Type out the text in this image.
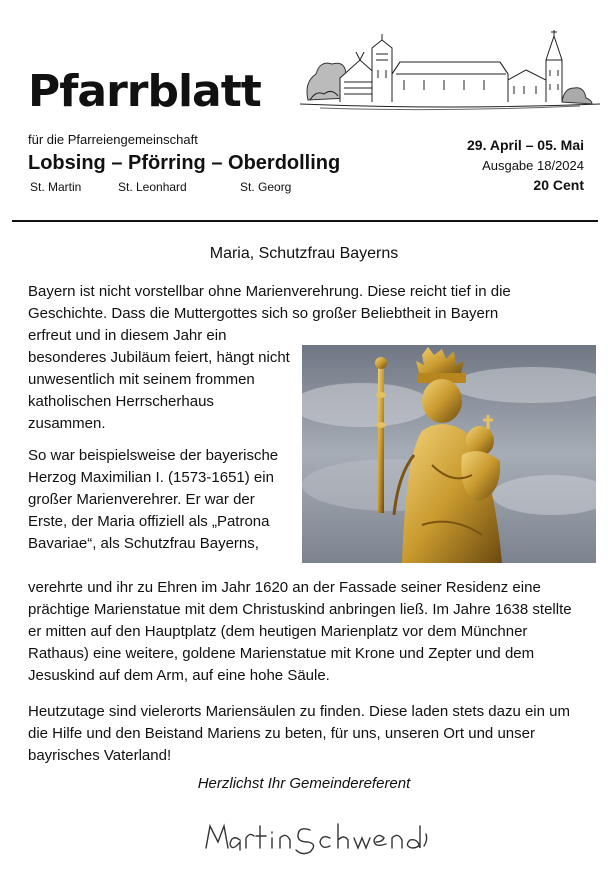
Pfarrblatt
für die Pfarreiengemeinschaft
Lobsing – Pförring – Oberdolling
St. Martin	St. Leonhard	St. Georg
29. April – 05. Mai
Ausgabe 18/2024
20 Cent
Maria, Schutzfrau Bayerns

Bayern ist nicht vorstellbar ohne Marienverehrung. Diese reicht tief in die Geschichte. Dass die Muttergottes sich so großer Beliebtheit in Bayern

erfreut und in diesem Jahr ein besonderes Jubiläum feiert, hängt nicht unwesentlich mit seinem frommen katholischen Herrscherhaus zusammen.

So war beispielsweise der bayerische Herzog Maximilian I. (1573-1651) ein großer Marienverehrer. Er war der Erste, der Maria offiziell als „Patrona Bavariae“, als Schutzfrau Bayerns,

verehrte und ihr zu Ehren im Jahr 1620 an der Fassade seiner Residenz eine prächtige Marienstatue mit dem Christuskind anbringen ließ. Im Jahre 1638 stellte er mitten auf den Hauptplatz (dem heutigen Marienplatz vor dem Münchner Rathaus) eine weitere, goldene Marienstatue mit Krone und Zepter und dem Jesuskind auf dem Arm, auf eine hohe Säule.

Heutzutage sind vielerorts Mariensäulen zu finden. Diese laden stets dazu ein um die Hilfe und den Beistand Mariens zu beten, für uns, unseren Ort und unser bayrisches Vaterland!

Herzlichst Ihr Gemeindereferent
